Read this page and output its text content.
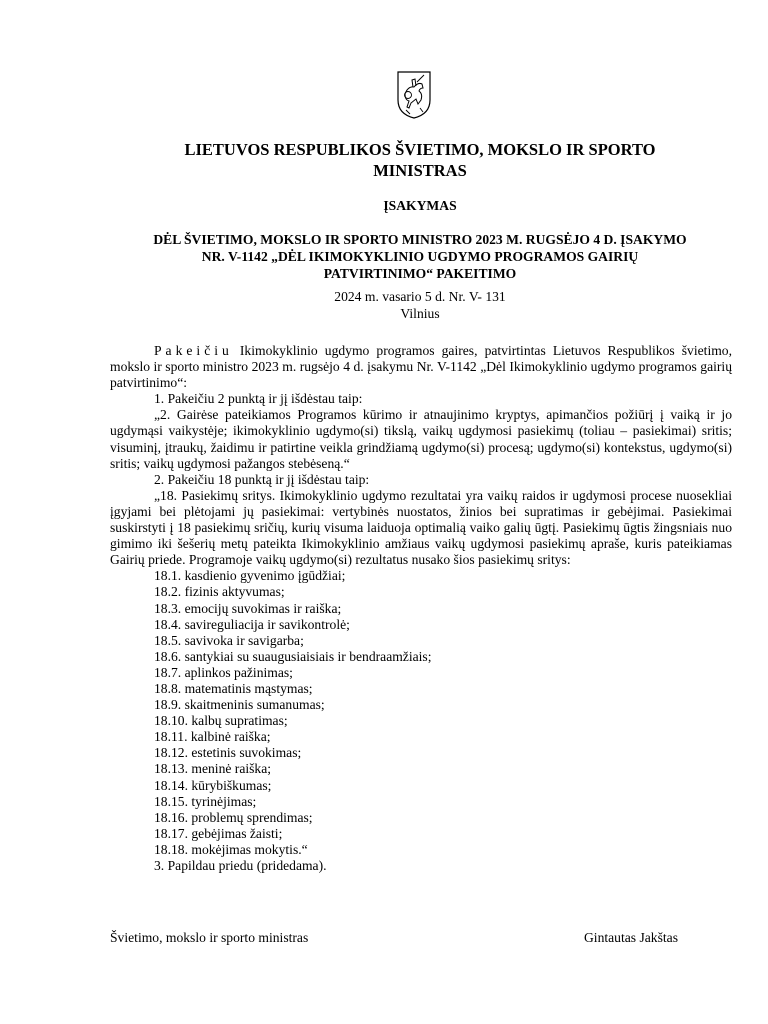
LIETUVOS RESPUBLIKOS ŠVIETIMO, MOKSLO IR SPORTO
MINISTRAS
ĮSAKYMAS
DĖL ŠVIETIMO, MOKSLO IR SPORTO MINISTRO 2023 M. RUGSĖJO 4 D. ĮSAKYMO
NR. V-1142 „DĖL IKIMOKYKLINIO UGDYMO PROGRAMOS GAIRIŲ
PATVIRTINIMO“ PAKEITIMO
2024 m. vasario 5 d. Nr. V- 131
Vilnius

Pakeičiu Ikimokyklinio ugdymo programos gaires, patvirtintas Lietuvos Respublikos švietimo, mokslo ir sporto ministro 2023 m. rugsėjo 4 d. įsakymu Nr. V-1142 „Dėl Ikimokyklinio ugdymo programos gairių patvirtinimo“:

1. Pakeičiu 2 punktą ir jį išdėstau taip:

„2. Gairėse pateikiamos Programos kūrimo ir atnaujinimo kryptys, apimančios požiūrį į vaiką ir jo ugdymąsi vaikystėje; ikimokyklinio ugdymo(si) tikslą, vaikų ugdymosi pasiekimų (toliau – pasiekimai) sritis; visuminį, įtraukų, žaidimu ir patirtine veikla grindžiamą ugdymo(si) procesą; ugdymo(si) kontekstus, ugdymo(si) sritis; vaikų ugdymosi pažangos stebėseną.“

2. Pakeičiu 18 punktą ir jį išdėstau taip:

„18. Pasiekimų sritys. Ikimokyklinio ugdymo rezultatai yra vaikų raidos ir ugdymosi procese nuosekliai įgyjami bei plėtojami jų pasiekimai: vertybinės nuostatos, žinios bei supratimas ir gebėjimai. Pasiekimai suskirstyti į 18 pasiekimų sričių, kurių visuma laiduoja optimalią vaiko galių ūgtį. Pasiekimų ūgtis žingsniais nuo gimimo iki šešerių metų pateikta Ikimokyklinio amžiaus vaikų ugdymosi pasiekimų apraše, kuris pateikiamas Gairių priede. Programoje vaikų ugdymo(si) rezultatus nusako šios pasiekimų sritys:

18.1. kasdienio gyvenimo įgūdžiai;

18.2. fizinis aktyvumas;

18.3. emocijų suvokimas ir raiška;

18.4. savireguliacija ir savikontrolė;

18.5. savivoka ir savigarba;

18.6. santykiai su suaugusiaisiais ir bendraamžiais;

18.7. aplinkos pažinimas;

18.8. matematinis mąstymas;

18.9. skaitmeninis sumanumas;

18.10. kalbų supratimas;

18.11. kalbinė raiška;

18.12. estetinis suvokimas;

18.13. meninė raiška;

18.14. kūrybiškumas;

18.15. tyrinėjimas;

18.16. problemų sprendimas;

18.17. gebėjimas žaisti;

18.18. mokėjimas mokytis.“

3. Papildau priedu (pridedama).

Švietimo, mokslo ir sporto ministras	Gintautas Jakštas
